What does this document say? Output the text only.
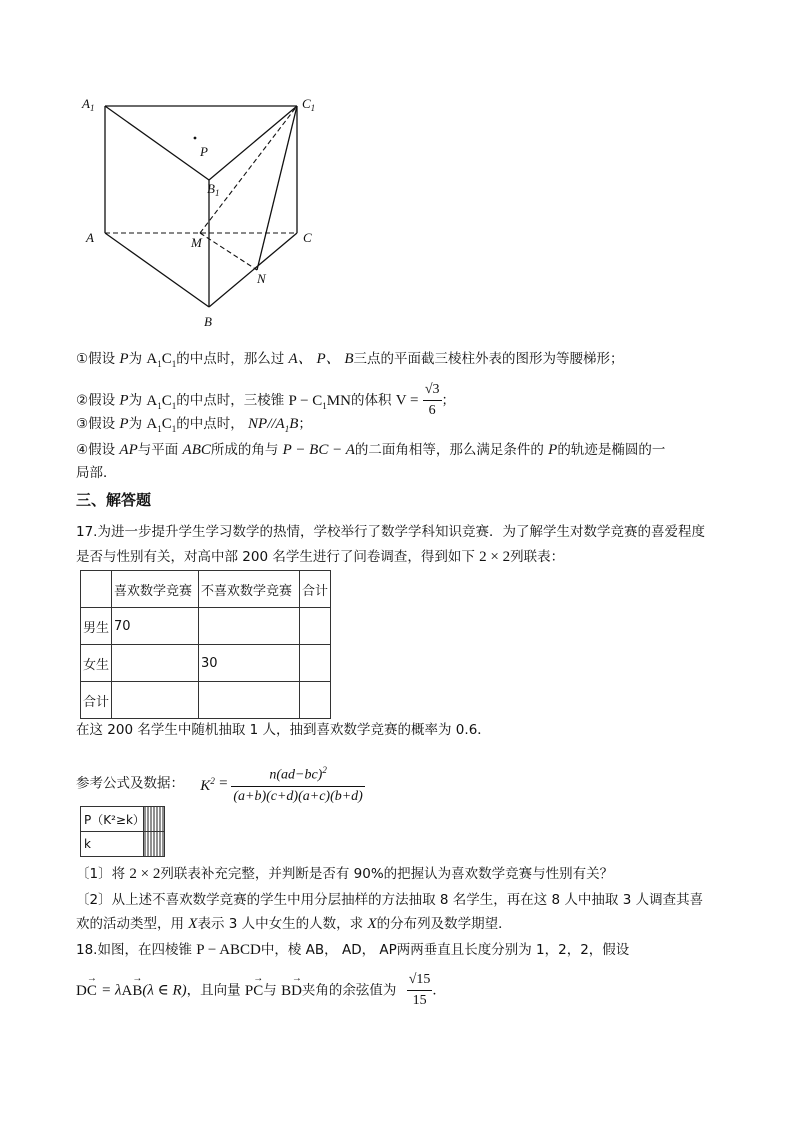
$A_1$	$C_1$
P
$B_1$
A	M	C
N
B
①假设 P为 $A_1C_1$的中点时，那么过 A、 P、 B三点的平面截三棱柱外表的图形为等腰梯形；
②假设 P为 $A_1C_1$的中点时，三棱锥 $P - C_1MN$的体积 $V = \frac{√3}{6}$ ；
③假设 P为 $A_1C_1$的中点时， $NP//A_1B$；
④假设 AP与平面 ABC所成的角与 P − BC − A的二面角相等，那么满足条件的 P的轨迹是椭圆的一
局部．
三、解答题
17.为进一步提升学生学习数学的热情，学校举行了数学学科知识竞赛．为了解学生对数学竞赛的喜爱程度
是否与性别有关，对高中部 200 名学生进行了问卷调查，得到如下 2 × 2列联表：
	喜欢数学竞赛	不喜欢数学竞赛	合计
男生	70		
女生		30	
合计			
在这 200 名学生中随机抽取 1 人，抽到喜欢数学竞赛的概率为 0.6．
参考公式及数据： $K^2 = \frac{n(ad-bc)^2}{(a+b)(c+d)(a+c)(b+d)}$
P（K²≥k）	
k	
〔1〕将 2 × 2列联表补充完整，并判断是否有 90%的把握认为喜欢数学竞赛与性别有关？
〔2〕从上述不喜欢数学竞赛的学生中用分层抽样的方法抽取 8 名学生，再在这 8 人中抽取 3 人调查其喜
欢的活动类型，用 X表示 3 人中女生的人数，求 X的分布列及数学期望．
18.如图，在四棱锥 P − ABCD中，棱 AB， AD， AP两两垂直且长度分别为 1，2，2，假设
→
DC = λ
→
AB(λ ∈ R)，且向量
→
PC与
→
BD夹角的余弦值为 $\frac{√15}{15}$ ．
